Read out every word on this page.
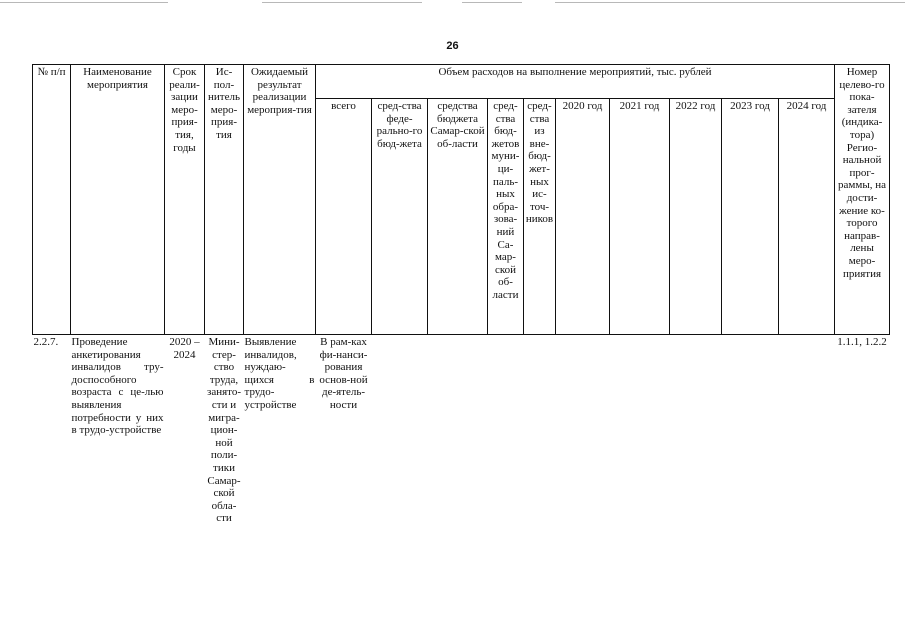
26
№ п/п	Наименование мероприятия	Срок реали-зации меро-прия-тия, годы	Ис-пол-нитель меро-прия-тия	Ожидаемый результат реализации мероприя-тия	Объем расходов на выполнение мероприятий, тыс. рублей										Номер целево-го пока-зателя (индика-тора) Регио-нальной прог-раммы, на дости-жение ко-торого направ-лены меро-приятия
					всего	сред-ства феде-рально-го бюд-жета	средства бюджета Самар-ской об-ласти	сред-ства бюд-жетов муни-ци-паль-ных обра-зова-ний Са-мар-ской об-ласти	сред-ства из вне-бюд-жет-ных ис-точ-ников	2020 год	2021 год	2022 год	2023 год	2024 год	
2.2.7.	Проведение анкетирования инвалидов тру-доспособного возраста с це-лью выявления потребности у них в трудо-устройстве	2020 – 2024	Мини-стер-ство труда, занято-сти и мигра-цион-ной поли-тики Самар-ской обла-сти	Выявление инвалидов, нуждаю-щихся в трудо-устройстве	В рам-ках фи-нанси-рования основ-ной де-ятель-ности										1.1.1, 1.2.2
